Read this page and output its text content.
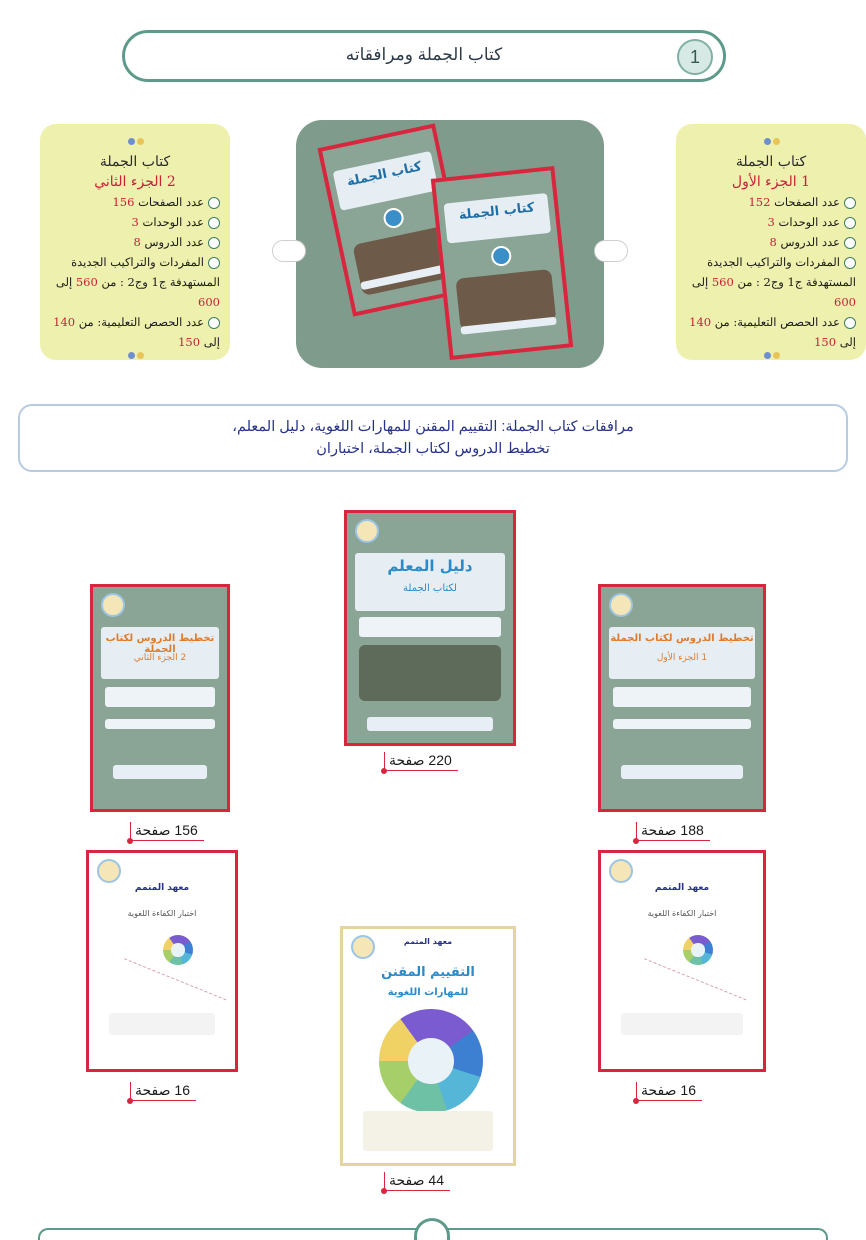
كتاب الجملة ومرافقاته	1
كتاب الجملة
1 الجزء الأول
عدد الصفحات 152
عدد الوحدات 3
عدد الدروس 8
المفردات والتراكيب الجديدة
المستهدفة ج1 وج2 : من 560 إلى 600
عدد الحصص التعليمية: من 140
إلى 150
كتاب الجملة
2 الجزء الثاني
عدد الصفحات 156
عدد الوحدات 3
عدد الدروس 8
المفردات والتراكيب الجديدة
المستهدفة ج1 وج2 : من 560 إلى 600
عدد الحصص التعليمية: من 140
إلى 150
كتاب الجملة
كتاب الجملة

مرافقات كتاب الجملة: التقييم المقنن للمهارات اللغوية، دليل المعلم،

تخطيط الدروس لكتاب الجملة، اختباران

تخطيط الدروس لكتاب الجملة
1 الجزء الأول
188 صفحة
دليل المعلم
لكتاب الجملة
220 صفحة
تخطيط الدروس لكتاب الجملة
2 الجزء الثاني
156 صفحة
معهد المتمم
اختبار الكفاءة اللغوية
16 صفحة
معهد المتمم
التقييم المقنن
للمهارات اللغوية
44 صفحة
معهد المتمم
اختبار الكفاءة اللغوية
16 صفحة
